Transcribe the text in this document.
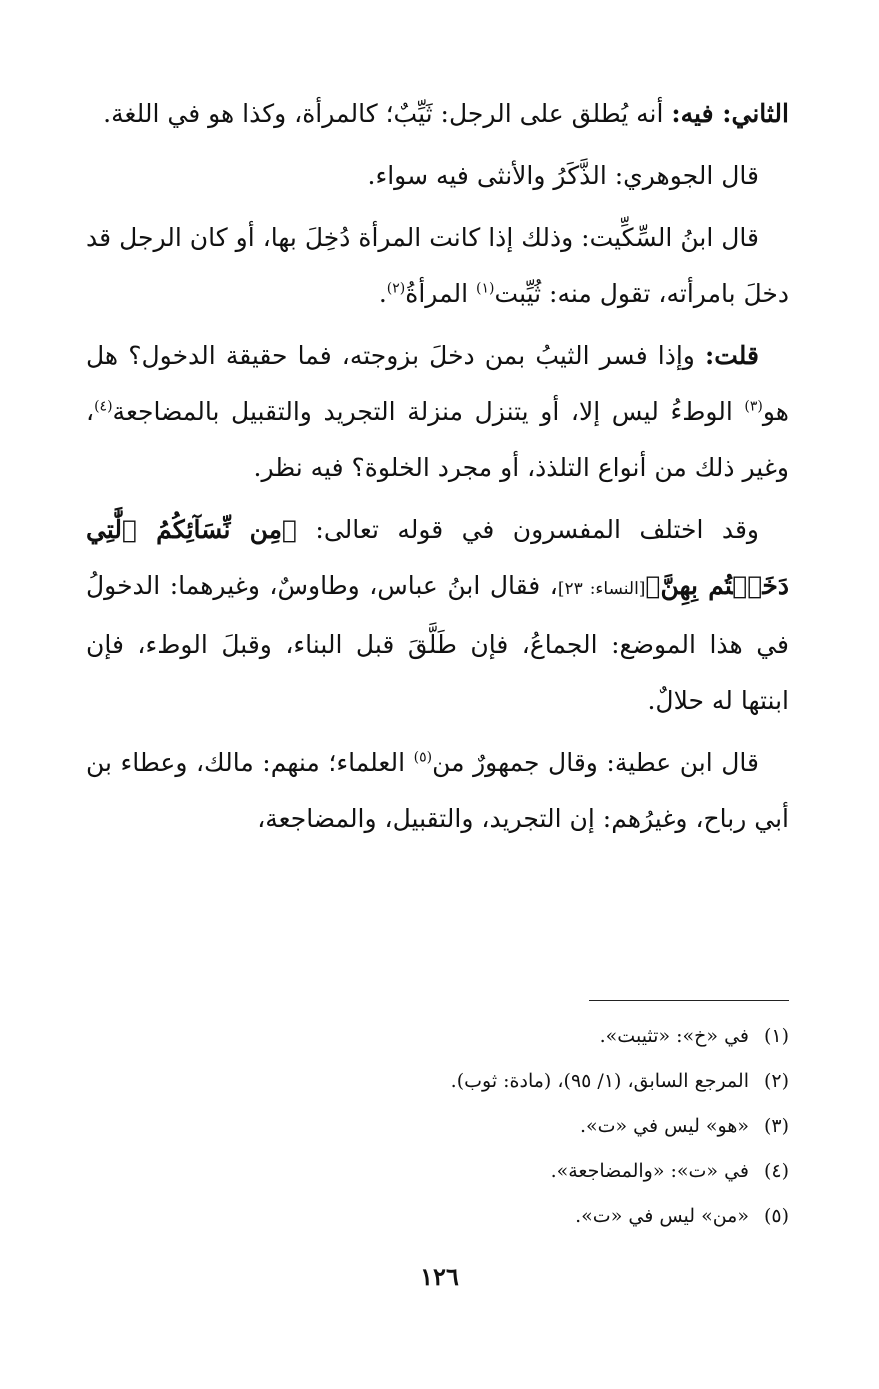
الثاني: فيه: أنه يُطلق على الرجل: ثَيِّبٌ؛ كالمرأة، وكذا هو في اللغة.

قال الجوهري: الذَّكَرُ والأنثى فيه سواء.

قال ابنُ السِّكِّيت: وذلك إذا كانت المرأة دُخِلَ بها، أو كان الرجل قد دخلَ بامرأته، تقول منه: ثُيِّبت$^{(١)}$ المرأةُ$^{(٢)}$.

قلت: وإذا فسر الثيبُ بمن دخلَ بزوجته، فما حقيقة الدخول؟ هل هو$^{(٣)}$ الوطءُ ليس إلا، أو يتنزل منزلة التجريد والتقبيل بالمضاجعة$^{(٤)}$، وغير ذلك من أنواع التلذذ، أو مجرد الخلوة؟ فيه نظر.

وقد اختلف المفسرون في قوله تعالى: ﴿مِن نِّسَآئِكُمُ ٱلَّٰتِي دَخَلۡتُم بِهِنَّ﴾[النساء: ٢٣]، فقال ابنُ عباس، وطاوسٌ، وغيرهما: الدخولُ في هذا الموضع: الجماعُ، فإن طَلَّقَ قبل البناء، وقبلَ الوطء، فإن ابنتها له حلالٌ.

قال ابن عطية: وقال جمهورٌ من$^{(٥)}$ العلماء؛ منهم: مالك، وعطاء بن أبي رباح، وغيرُهم: إن التجريد، والتقبيل، والمضاجعة،

(١)في «خ»: «تثيبت».
(٢)المرجع السابق، (١/ ٩٥)، (مادة: ثوب).
(٣)«هو» ليس في «ت».
(٤)في «ت»: «والمضاجعة».
(٥)«من» ليس في «ت».
١٢٦
